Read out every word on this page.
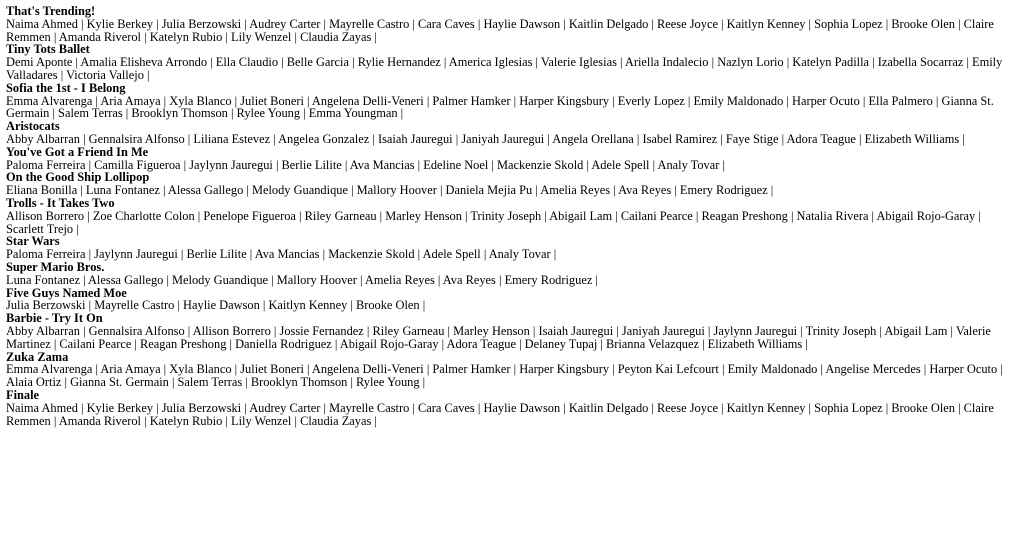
That's Trending!
Naima Ahmed | Kylie Berkey | Julia Berzowski | Audrey Carter | Mayrelle Castro | Cara Caves | Haylie Dawson | Kaitlin Delgado | Reese Joyce | Kaitlyn Kenney | Sophia Lopez | Brooke Olen | Claire Remmen | Amanda Riverol | Katelyn Rubio | Lily Wenzel | Claudia Zayas |
Tiny Tots Ballet
Demi Aponte | Amalia Elisheva Arrondo | Ella Claudio | Belle Garcia | Rylie Hernandez | America Iglesias | Valerie Iglesias | Ariella Indalecio | Nazlyn Lorio | Katelyn Padilla | Izabella Socarraz | Emily Valladares | Victoria Vallejo |
Sofia the 1st - I Belong
Emma Alvarenga | Aria Amaya | Xyla Blanco | Juliet Boneri | Angelena Delli-Veneri | Palmer Hamker | Harper Kingsbury | Everly Lopez | Emily Maldonado | Harper Ocuto | Ella Palmero | Gianna St. Germain | Salem Terras | Brooklyn Thomson | Rylee Young | Emma Youngman |
Aristocats
Abby Albarran | Gennalsira Alfonso | Liliana Estevez | Angelea Gonzalez | Isaiah Jauregui | Janiyah Jauregui | Angela Orellana | Isabel Ramirez | Faye Stige | Adora Teague | Elizabeth Williams |
You've Got a Friend In Me
Paloma Ferreira | Camilla Figueroa | Jaylynn Jauregui | Berlie Lilite | Ava Mancias | Edeline Noel | Mackenzie Skold | Adele Spell | Analy Tovar |
On the Good Ship Lollipop
Eliana Bonilla | Luna Fontanez | Alessa Gallego | Melody Guandique | Mallory Hoover | Daniela Mejia Pu | Amelia Reyes | Ava Reyes | Emery Rodriguez |
Trolls - It Takes Two
Allison Borrero | Zoe Charlotte Colon | Penelope Figueroa | Riley Garneau | Marley Henson | Trinity Joseph | Abigail Lam | Cailani Pearce | Reagan Preshong | Natalia Rivera | Abigail Rojo-Garay | Scarlett Trejo |
Star Wars
Paloma Ferreira | Jaylynn Jauregui | Berlie Lilite | Ava Mancias | Mackenzie Skold | Adele Spell | Analy Tovar |
Super Mario Bros.
Luna Fontanez | Alessa Gallego | Melody Guandique | Mallory Hoover | Amelia Reyes | Ava Reyes | Emery Rodriguez |
Five Guys Named Moe
Julia Berzowski | Mayrelle Castro | Haylie Dawson | Kaitlyn Kenney | Brooke Olen |
Barbie - Try It On
Abby Albarran | Gennalsira Alfonso | Allison Borrero | Jossie Fernandez | Riley Garneau | Marley Henson | Isaiah Jauregui | Janiyah Jauregui | Jaylynn Jauregui | Trinity Joseph | Abigail Lam | Valerie Martinez | Cailani Pearce | Reagan Preshong | Daniella Rodriguez | Abigail Rojo-Garay | Adora Teague | Delaney Tupaj | Brianna Velazquez | Elizabeth Williams |
Zuka Zama
Emma Alvarenga | Aria Amaya | Xyla Blanco | Juliet Boneri | Angelena Delli-Veneri | Palmer Hamker | Harper Kingsbury | Peyton Kai Lefcourt | Emily Maldonado | Angelise Mercedes | Harper Ocuto | Alaia Ortiz | Gianna St. Germain | Salem Terras | Brooklyn Thomson | Rylee Young |
Finale
Naima Ahmed | Kylie Berkey | Julia Berzowski | Audrey Carter | Mayrelle Castro | Cara Caves | Haylie Dawson | Kaitlin Delgado | Reese Joyce | Kaitlyn Kenney | Sophia Lopez | Brooke Olen | Claire Remmen | Amanda Riverol | Katelyn Rubio | Lily Wenzel | Claudia Zayas |
